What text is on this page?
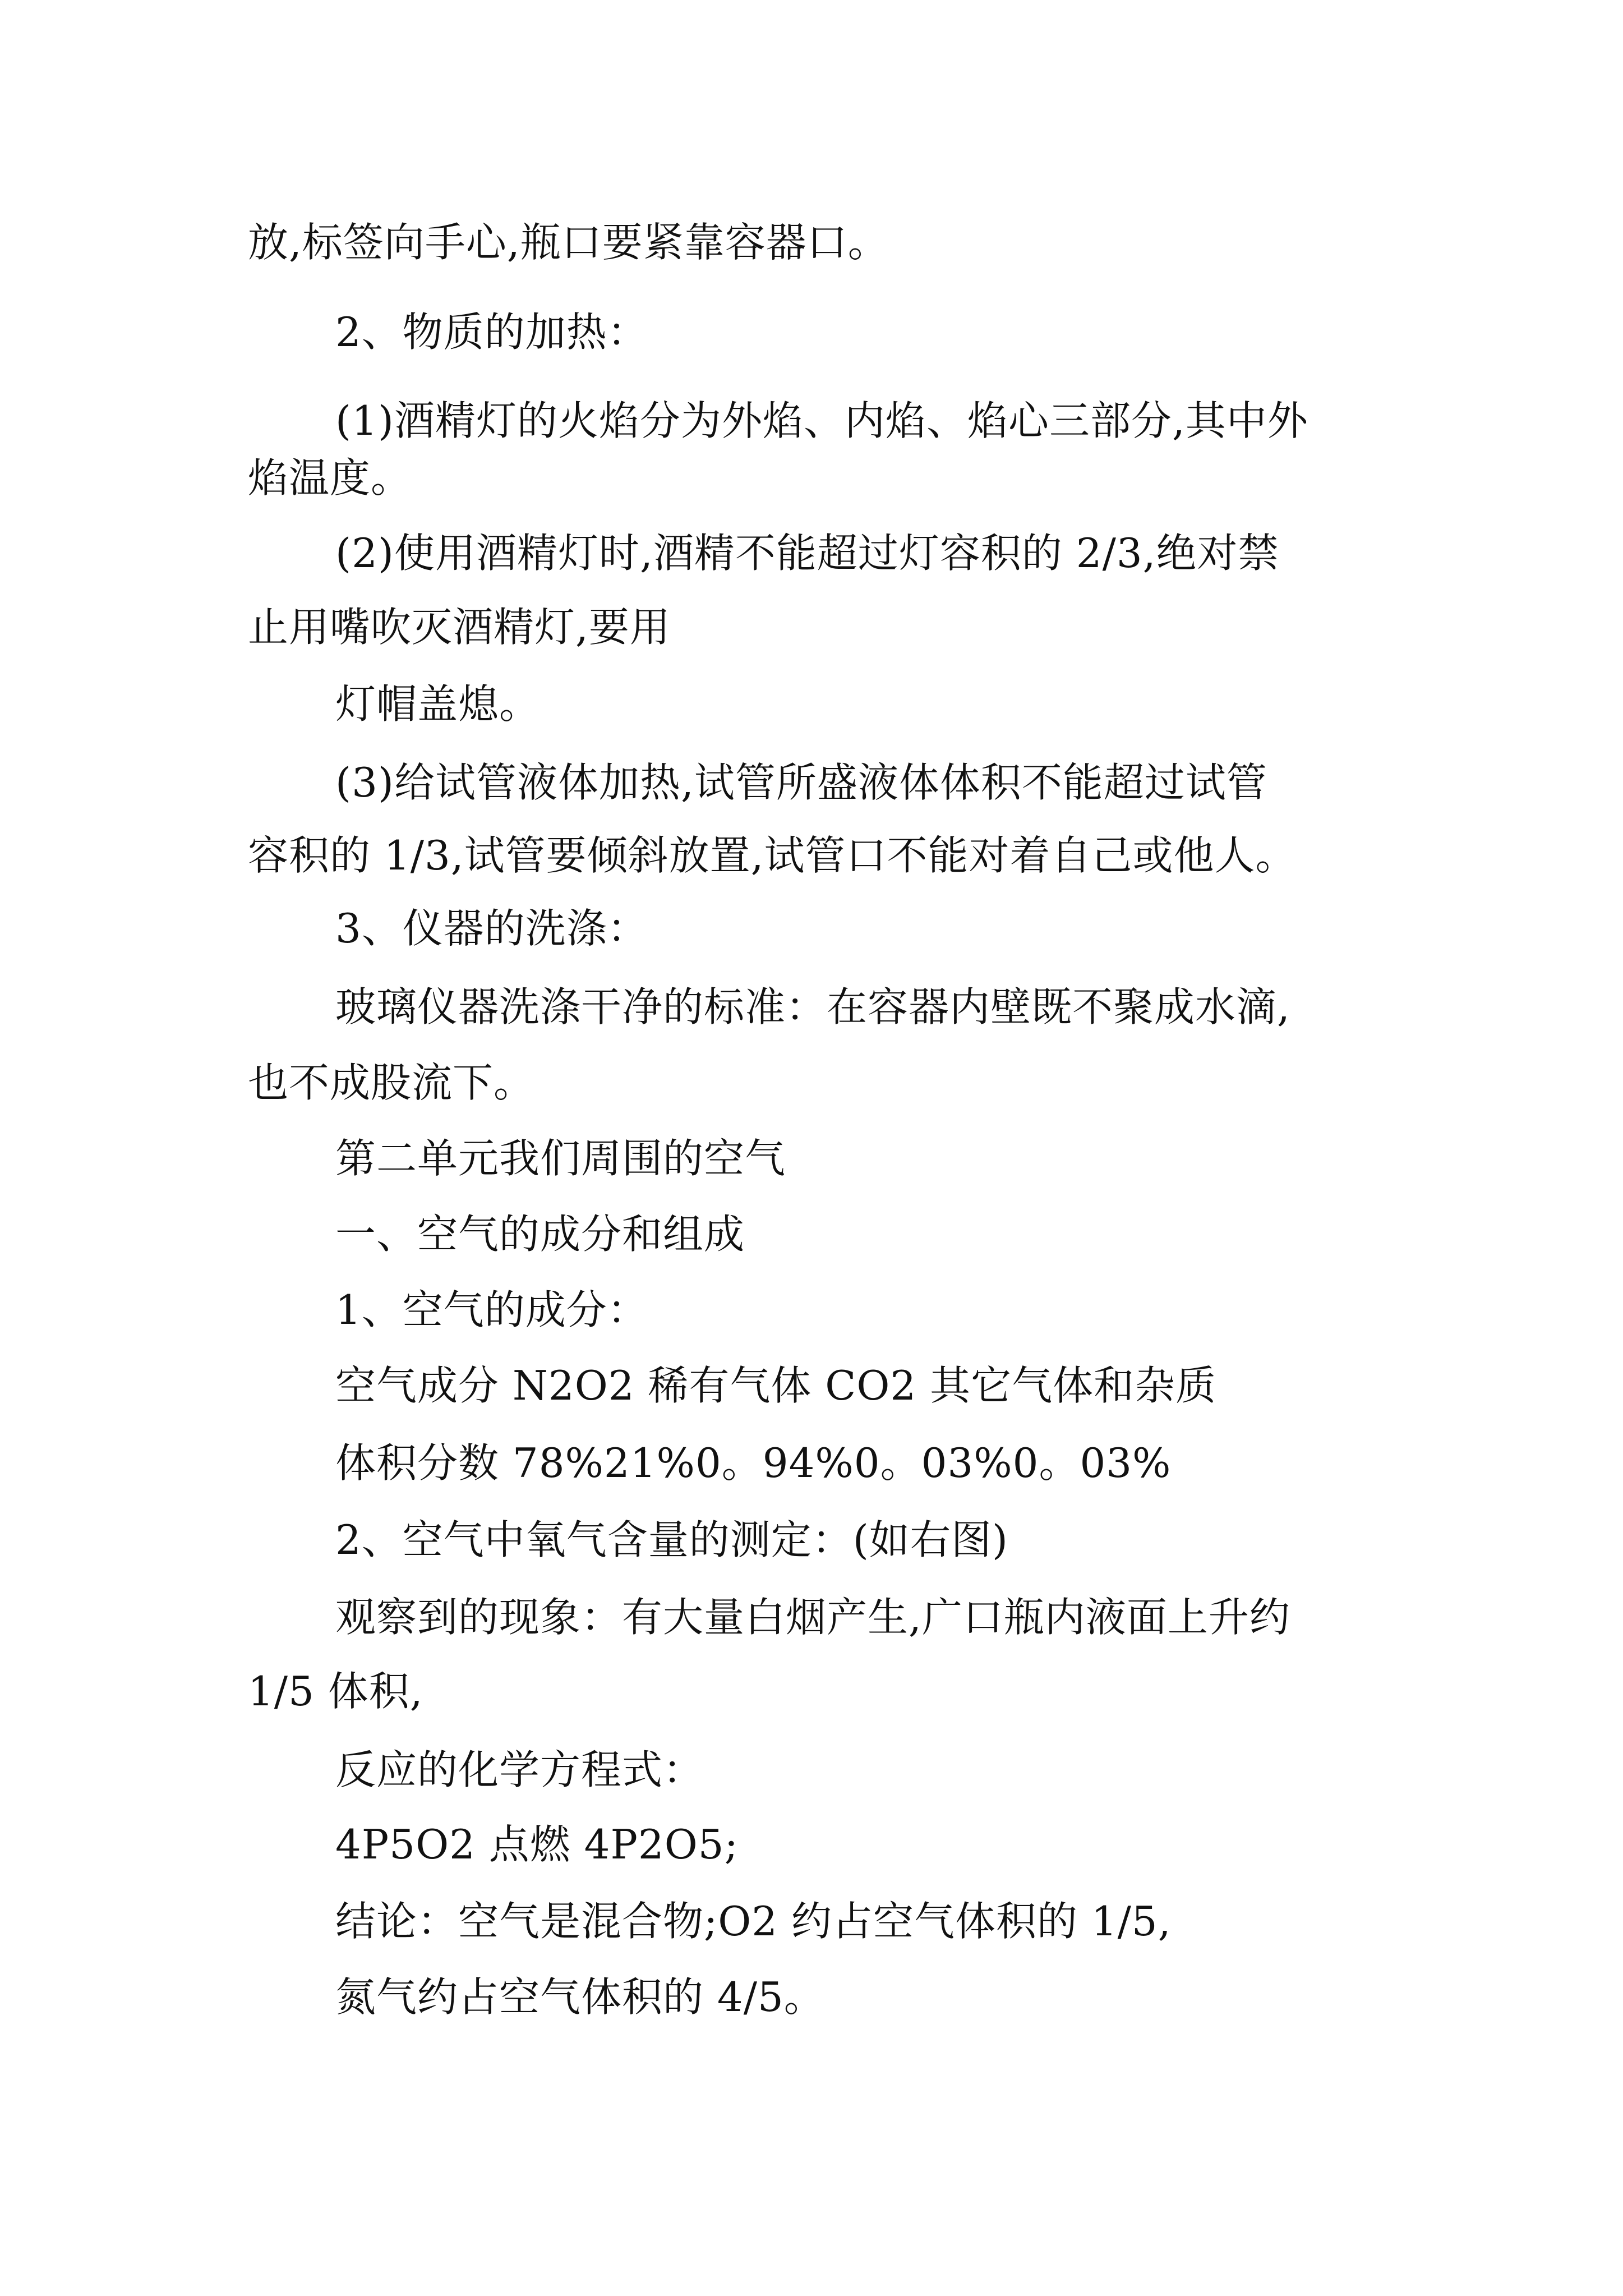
放,标签向手心,瓶口要紧靠容器口。
2、物质的加热：
(1)酒精灯的火焰分为外焰、内焰、焰心三部分,其中外
焰温度。
(2)使用酒精灯时,酒精不能超过灯容积的 2/3,绝对禁
止用嘴吹灭酒精灯,要用
灯帽盖熄。
(3)给试管液体加热,试管所盛液体体积不能超过试管
容积的 1/3,试管要倾斜放置,试管口不能对着自己或他人。
3、仪器的洗涤：
玻璃仪器洗涤干净的标准：在容器内壁既不聚成水滴,
也不成股流下。
第二单元我们周围的空气
一、空气的成分和组成
1、空气的成分：
空气成分 N2O2 稀有气体 CO2 其它气体和杂质
体积分数 78%21%0。94%0。03%0。03%
2、空气中氧气含量的测定：(如右图)
观察到的现象：有大量白烟产生,广口瓶内液面上升约
1/5 体积,
反应的化学方程式：
4P5O2 点燃 4P2O5;
结论：空气是混合物;O2 约占空气体积的 1/5,
氮气约占空气体积的 4/5。
